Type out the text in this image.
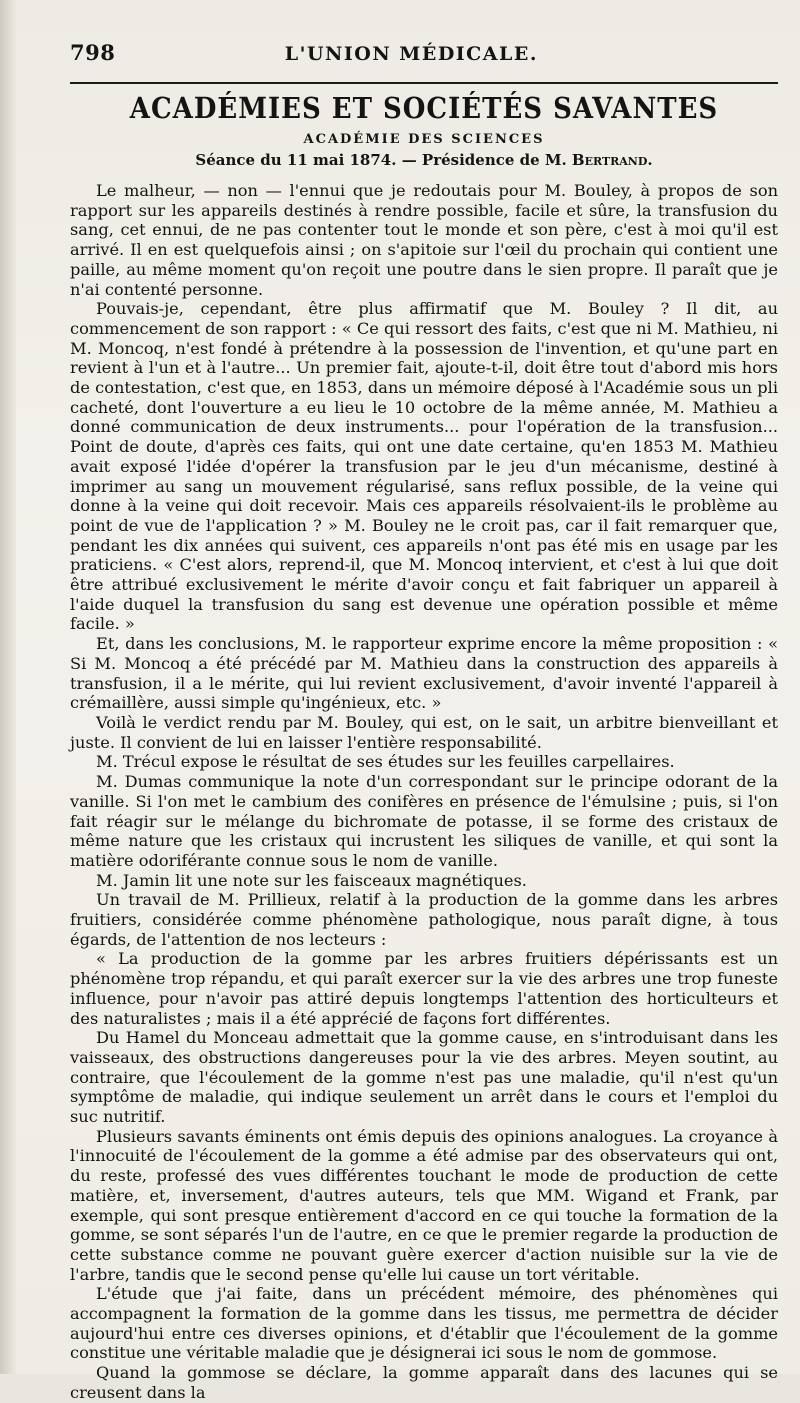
798	L'UNION MÉDICALE.
ACADÉMIES ET SOCIÉTÉS SAVANTES
ACADÉMIE DES SCIENCES
Séance du 11 mai 1874. — Présidence de M. Bertrand.

Le malheur, — non — l'ennui que je redoutais pour M. Bouley, à propos de son rapport sur les appareils destinés à rendre possible, facile et sûre, la transfusion du sang, cet ennui, de ne pas contenter tout le monde et son père, c'est à moi qu'il est arrivé. Il en est quelquefois ainsi ; on s'apitoie sur l'œil du prochain qui contient une paille, au même moment qu'on reçoit une poutre dans le sien propre. Il paraît que je n'ai contenté personne.

Pouvais-je, cependant, être plus affirmatif que M. Bouley ? Il dit, au commencement de son rapport : « Ce qui ressort des faits, c'est que ni M. Mathieu, ni M. Moncoq, n'est fondé à prétendre à la possession de l'invention, et qu'une part en revient à l'un et à l'autre... Un premier fait, ajoute-t-il, doit être tout d'abord mis hors de contestation, c'est que, en 1853, dans un mémoire déposé à l'Académie sous un pli cacheté, dont l'ouverture a eu lieu le 10 octobre de la même année, M. Mathieu a donné communication de deux instruments... pour l'opération de la transfusion... Point de doute, d'après ces faits, qui ont une date certaine, qu'en 1853 M. Mathieu avait exposé l'idée d'opérer la transfusion par le jeu d'un mécanisme, destiné à imprimer au sang un mouvement régularisé, sans reflux possible, de la veine qui donne à la veine qui doit recevoir. Mais ces appareils résolvaient-ils le problème au point de vue de l'application ? » M. Bouley ne le croit pas, car il fait remarquer que, pendant les dix années qui suivent, ces appareils n'ont pas été mis en usage par les praticiens. « C'est alors, reprend-il, que M. Moncoq intervient, et c'est à lui que doit être attribué exclusivement le mérite d'avoir conçu et fait fabriquer un appareil à l'aide duquel la transfusion du sang est devenue une opération possible et même facile. »

Et, dans les conclusions, M. le rapporteur exprime encore la même proposition : « Si M. Moncoq a été précédé par M. Mathieu dans la construction des appareils à transfusion, il a le mérite, qui lui revient exclusivement, d'avoir inventé l'appareil à crémaillère, aussi simple qu'ingénieux, etc. »

Voilà le verdict rendu par M. Bouley, qui est, on le sait, un arbitre bienveillant et juste. Il convient de lui en laisser l'entière responsabilité.

M. Trécul expose le résultat de ses études sur les feuilles carpellaires.

M. Dumas communique la note d'un correspondant sur le principe odorant de la vanille. Si l'on met le cambium des conifères en présence de l'émulsine ; puis, si l'on fait réagir sur le mélange du bichromate de potasse, il se forme des cristaux de même nature que les cristaux qui incrustent les siliques de vanille, et qui sont la matière odoriférante connue sous le nom de vanille.

M. Jamin lit une note sur les faisceaux magnétiques.

Un travail de M. Prillieux, relatif à la production de la gomme dans les arbres fruitiers, considérée comme phénomène pathologique, nous paraît digne, à tous égards, de l'attention de nos lecteurs :

« La production de la gomme par les arbres fruitiers dépérissants est un phénomène trop répandu, et qui paraît exercer sur la vie des arbres une trop funeste influence, pour n'avoir pas attiré depuis longtemps l'attention des horticulteurs et des naturalistes ; mais il a été apprécié de façons fort différentes.

Du Hamel du Monceau admettait que la gomme cause, en s'introduisant dans les vaisseaux, des obstructions dangereuses pour la vie des arbres. Meyen soutint, au contraire, que l'écoulement de la gomme n'est pas une maladie, qu'il n'est qu'un symptôme de maladie, qui indique seulement un arrêt dans le cours et l'emploi du suc nutritif.

Plusieurs savants éminents ont émis depuis des opinions analogues. La croyance à l'innocuité de l'écoulement de la gomme a été admise par des observateurs qui ont, du reste, professé des vues différentes touchant le mode de production de cette matière, et, inversement, d'autres auteurs, tels que MM. Wigand et Frank, par exemple, qui sont presque entièrement d'accord en ce qui touche la formation de la gomme, se sont séparés l'un de l'autre, en ce que le premier regarde la production de cette substance comme ne pouvant guère exercer d'action nuisible sur la vie de l'arbre, tandis que le second pense qu'elle lui cause un tort véritable.

L'étude que j'ai faite, dans un précédent mémoire, des phénomènes qui accompagnent la formation de la gomme dans les tissus, me permettra de décider aujourd'hui entre ces diverses opinions, et d'établir que l'écoulement de la gomme constitue une véritable maladie que je désignerai ici sous le nom de gommose.

Quand la gommose se déclare, la gomme apparaît dans des lacunes qui se creusent dans la
